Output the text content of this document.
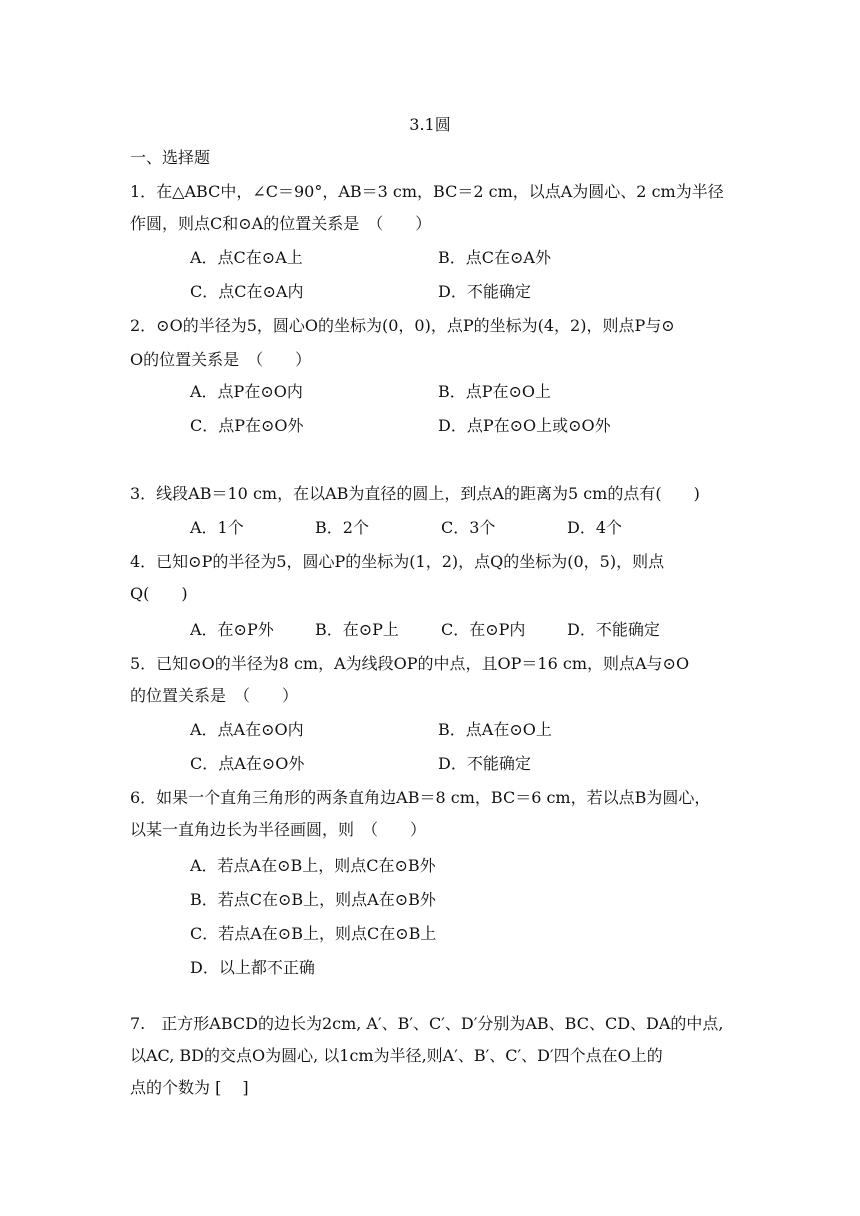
3.1圆
一、选择题
1．在△ABC中，∠C＝90°，AB＝3 cm，BC＝2 cm，以点A为圆心、2 cm为半径
作圆，则点C和⊙A的位置关系是　（　　）
A．点C在⊙A上	B．点C在⊙A外
C．点C在⊙A内	D．不能确定
2．⊙O的半径为5，圆心O的坐标为(0，0)，点P的坐标为(4，2)，则点P与⊙
O的位置关系是　（　　）
A．点P在⊙O内	B．点P在⊙O上
C．点P在⊙O外	D．点P在⊙O上或⊙O外
3．线段AB＝10 cm，在以AB为直径的圆上，到点A的距离为5 cm的点有(　　)
A．1个	B．2个	C．3个	D．4个
4．已知⊙P的半径为5，圆心P的坐标为(1，2)，点Q的坐标为(0，5)，则点
Q(　　)
A．在⊙P外	B．在⊙P上	C．在⊙P内	D．不能确定
5．已知⊙O的半径为8 cm，A为线段OP的中点，且OP＝16 cm，则点A与⊙O
的位置关系是　（　　）
A．点A在⊙O内	B．点A在⊙O上
C．点A在⊙O外	D．不能确定
6．如果一个直角三角形的两条直角边AB＝8 cm，BC＝6 cm，若以点B为圆心，
以某一直角边长为半径画圆，则　（　　）
A．若点A在⊙B上，则点C在⊙B外
B．若点C在⊙B上，则点A在⊙B外
C．若点A在⊙B上，则点C在⊙B上
D．以上都不正确
7.　正方形ABCD的边长为2cm, A′、B′、C′、D′分别为AB、BC、CD、DA的中点,
以AC, BD的交点O为圆心, 以1cm为半径,则A′、B′、C′、D′四个点在O上的
点的个数为 [　 ]
